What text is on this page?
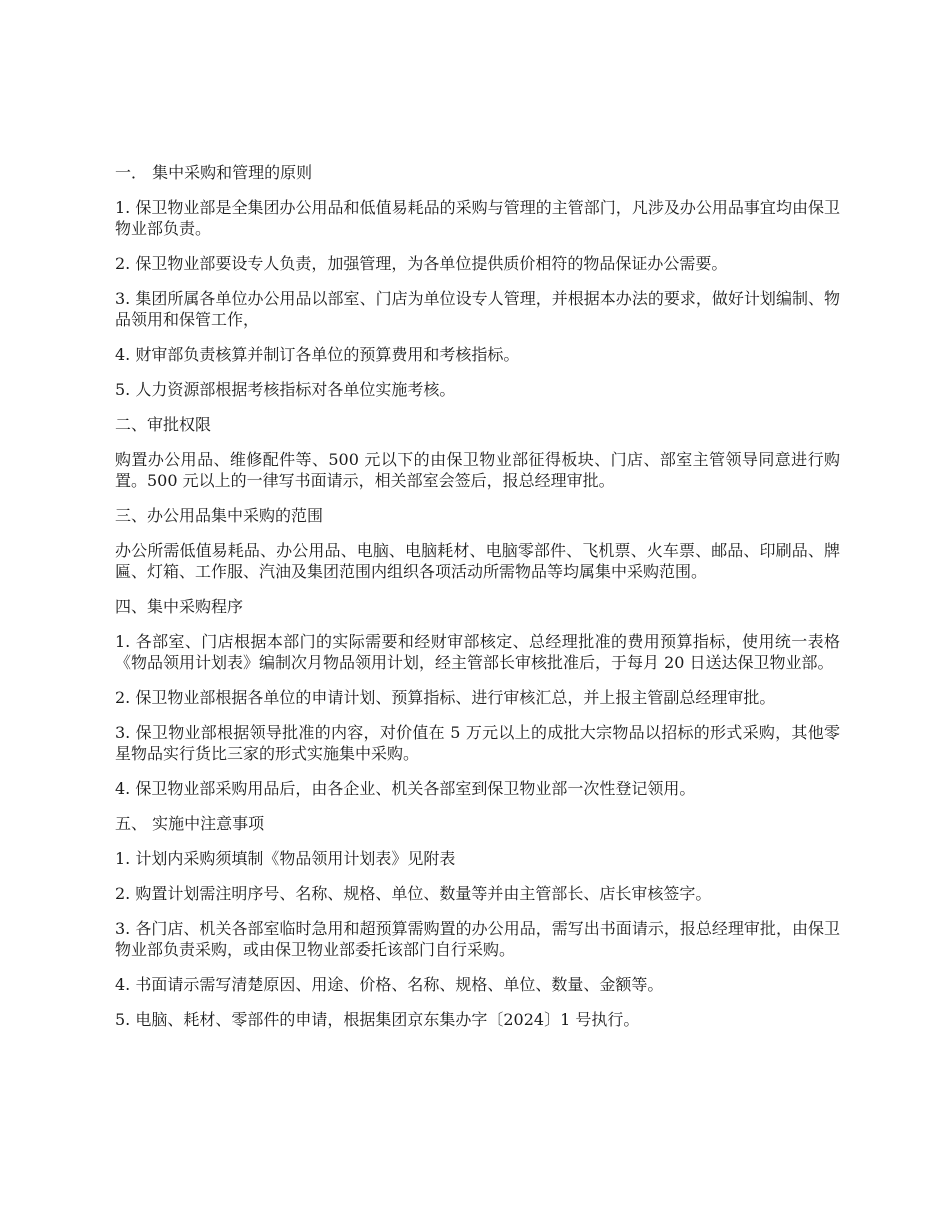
一． 集中采购和管理的原则

1. 保卫物业部是全集团办公用品和低值易耗品的采购与管理的主管部门，凡涉及办公用品事宜均由保卫物业部负责。

2. 保卫物业部要设专人负责，加强管理，为各单位提供质价相符的物品保证办公需要。

3. 集团所属各单位办公用品以部室、门店为单位设专人管理，并根据本办法的要求，做好计划编制、物品领用和保管工作，

4. 财审部负责核算并制订各单位的预算费用和考核指标。

5. 人力资源部根据考核指标对各单位实施考核。

二、审批权限

购置办公用品、维修配件等、500 元以下的由保卫物业部征得板块、门店、部室主管领导同意进行购置。500 元以上的一律写书面请示，相关部室会签后，报总经理审批。

三、办公用品集中采购的范围

办公所需低值易耗品、办公用品、电脑、电脑耗材、电脑零部件、飞机票、火车票、邮品、印刷品、牌匾、灯箱、工作服、汽油及集团范围内组织各项活动所需物品等均属集中采购范围。

四、集中采购程序

1. 各部室、门店根据本部门的实际需要和经财审部核定、总经理批准的费用预算指标，使用统一表格《物品领用计划表》编制次月物品领用计划，经主管部长审核批准后，于每月 20 日送达保卫物业部。

2. 保卫物业部根据各单位的申请计划、预算指标、进行审核汇总，并上报主管副总经理审批。

3. 保卫物业部根据领导批准的内容，对价值在 5 万元以上的成批大宗物品以招标的形式采购，其他零星物品实行货比三家的形式实施集中采购。

4. 保卫物业部采购用品后，由各企业、机关各部室到保卫物业部一次性登记领用。

五、 实施中注意事项

1. 计划内采购须填制《物品领用计划表》见附表

2. 购置计划需注明序号、名称、规格、单位、数量等并由主管部长、店长审核签字。

3. 各门店、机关各部室临时急用和超预算需购置的办公用品，需写出书面请示，报总经理审批，由保卫物业部负责采购，或由保卫物业部委托该部门自行采购。

4. 书面请示需写清楚原因、用途、价格、名称、规格、单位、数量、金额等。

5. 电脑、耗材、零部件的申请，根据集团京东集办字〔2024〕1 号执行。
